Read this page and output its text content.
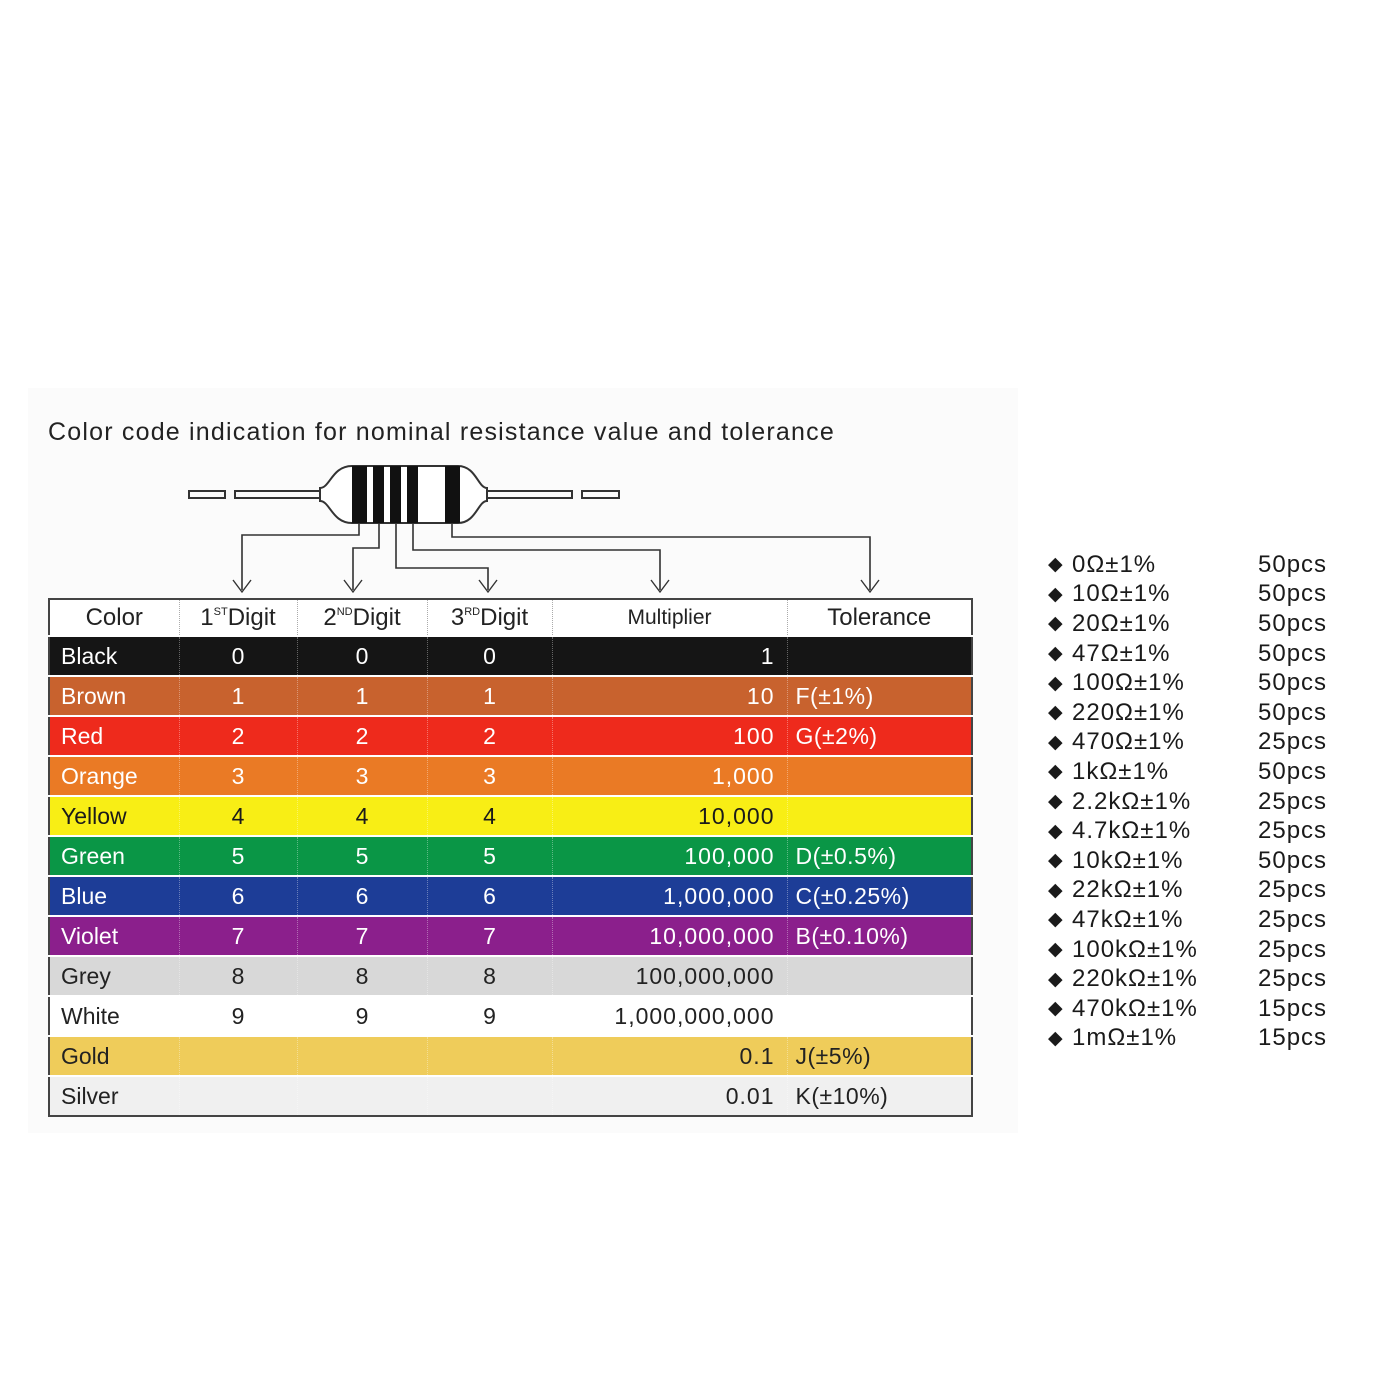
Color code indication for nominal resistance value and tolerance
Color	1STDigit	2NDDigit	3RDDigit	Multiplier	Tolerance
Black	0	0	0	1	
Brown	1	1	1	10	F(±1%)
Red	2	2	2	100	G(±2%)
Orange	3	3	3	1,000	
Yellow	4	4	4	10,000	
Green	5	5	5	100,000	D(±0.5%)
Blue	6	6	6	1,000,000	C(±0.25%)
Violet	7	7	7	10,000,000	B(±0.10%)
Grey	8	8	8	100,000,000	
White	9	9	9	1,000,000,000	
Gold				0.1	J(±5%)
Silver				0.01	K(±10%)
◆ 0Ω±1%	50pcs
◆ 10Ω±1%	50pcs
◆ 20Ω±1%	50pcs
◆ 47Ω±1%	50pcs
◆ 100Ω±1%	50pcs
◆ 220Ω±1%	50pcs
◆ 470Ω±1%	25pcs
◆ 1kΩ±1%	50pcs
◆ 2.2kΩ±1%	25pcs
◆ 4.7kΩ±1%	25pcs
◆ 10kΩ±1%	50pcs
◆ 22kΩ±1%	25pcs
◆ 47kΩ±1%	25pcs
◆ 100kΩ±1%	25pcs
◆ 220kΩ±1%	25pcs
◆ 470kΩ±1%	15pcs
◆ 1mΩ±1%	15pcs
